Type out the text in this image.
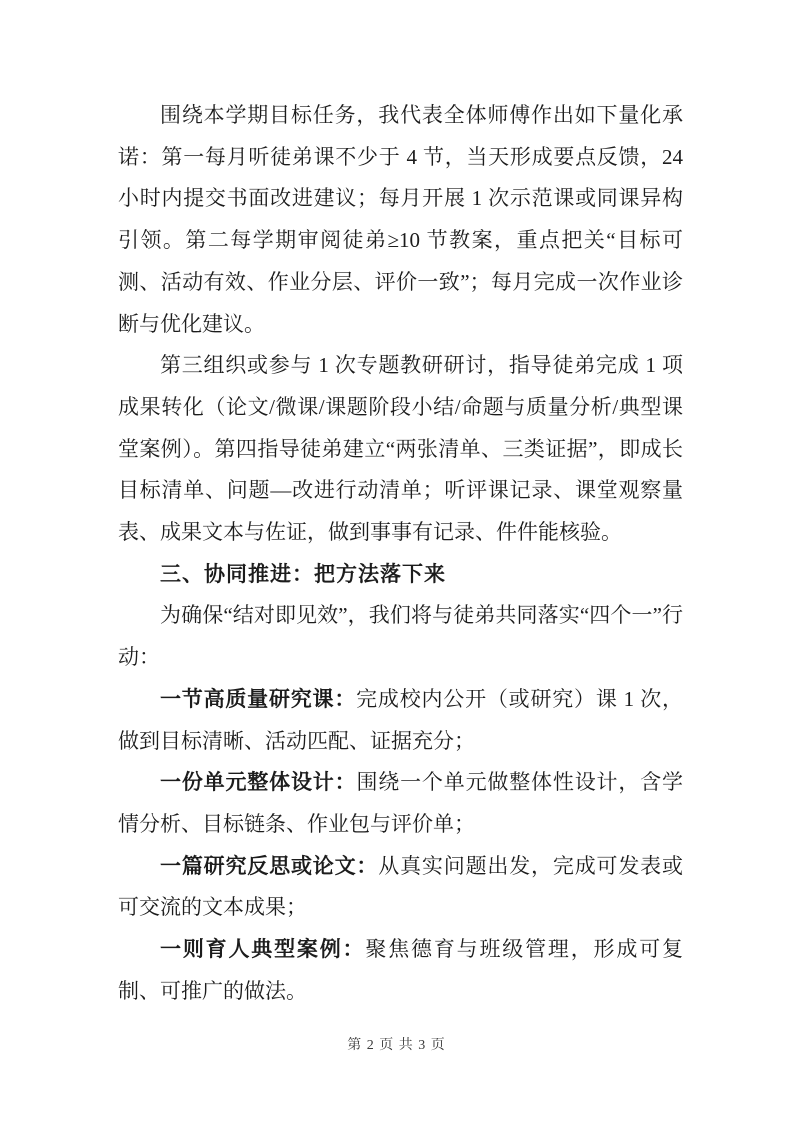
围绕本学期目标任务，我代表全体师傅作出如下量化承诺：第一每月听徒弟课不少于 4 节，当天形成要点反馈，24 小时内提交书面改进建议；每月开展 1 次示范课或同课异构引领。第二每学期审阅徒弟≥10 节教案，重点把关“目标可测、活动有效、作业分层、评价一致”；每月完成一次作业诊断与优化建议。

第三组织或参与 1 次专题教研研讨，指导徒弟完成 1 项成果转化（论文/微课/课题阶段小结/命题与质量分析/典型课堂案例）。第四指导徒弟建立“两张清单、三类证据”，即成长目标清单、问题—改进行动清单；听评课记录、课堂观察量表、成果文本与佐证，做到事事有记录、件件能核验。

三、协同推进：把方法落下来

为确保“结对即见效”，我们将与徒弟共同落实“四个一”行动：

一节高质量研究课：完成校内公开（或研究）课 1 次，做到目标清晰、活动匹配、证据充分；

一份单元整体设计：围绕一个单元做整体性设计，含学情分析、目标链条、作业包与评价单；

一篇研究反思或论文：从真实问题出发，完成可发表或可交流的文本成果；

一则育人典型案例：聚焦德育与班级管理，形成可复制、可推广的做法。

第 2 页 共 3 页
